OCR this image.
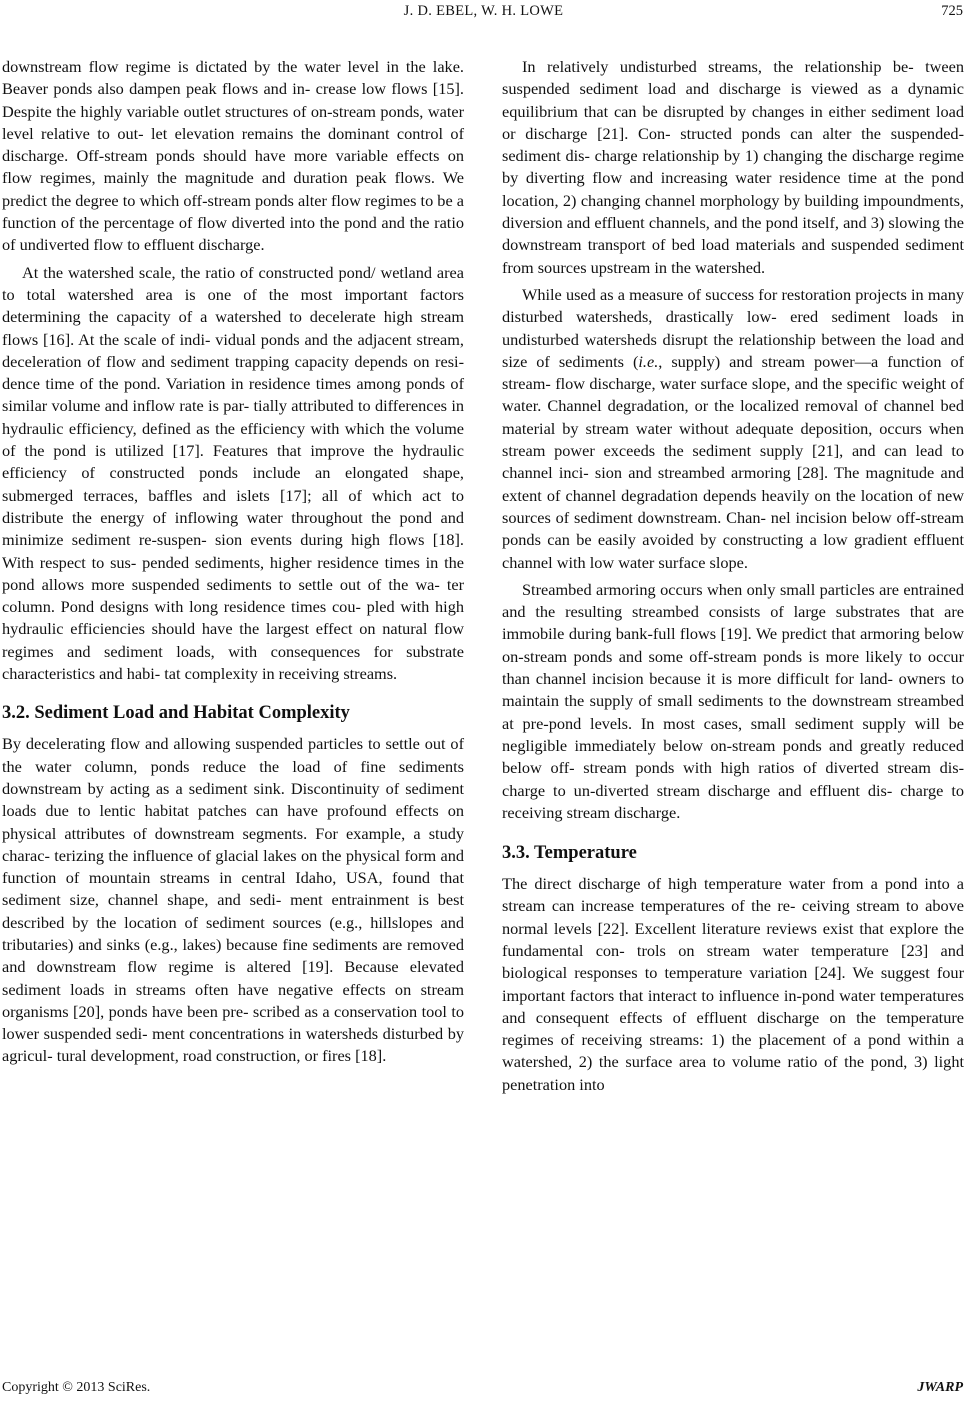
J. D. EBEL, W. H. LOWE	725

downstream flow regime is dictated by the water level in the lake. Beaver ponds also dampen peak flows and in- crease low flows [15]. Despite the highly variable outlet structures of on-stream ponds, water level relative to out- let elevation remains the dominant control of discharge. Off-stream ponds should have more variable effects on flow regimes, mainly the magnitude and duration peak flows. We predict the degree to which off-stream ponds alter flow regimes to be a function of the percentage of flow diverted into the pond and the ratio of undiverted flow to effluent discharge.

At the watershed scale, the ratio of constructed pond/ wetland area to total watershed area is one of the most important factors determining the capacity of a watershed to decelerate high stream flows [16]. At the scale of indi- vidual ponds and the adjacent stream, deceleration of flow and sediment trapping capacity depends on resi- dence time of the pond. Variation in residence times among ponds of similar volume and inflow rate is par- tially attributed to differences in hydraulic efficiency, defined as the efficiency with which the volume of the pond is utilized [17]. Features that improve the hydraulic efficiency of constructed ponds include an elongated shape, submerged terraces, baffles and islets [17]; all of which act to distribute the energy of inflowing water throughout the pond and minimize sediment re-suspen- sion events during high flows [18]. With respect to sus- pended sediments, higher residence times in the pond allows more suspended sediments to settle out of the wa- ter column. Pond designs with long residence times cou- pled with high hydraulic efficiencies should have the largest effect on natural flow regimes and sediment loads, with consequences for substrate characteristics and habi- tat complexity in receiving streams.

3.2. Sediment Load and Habitat Complexity

By decelerating flow and allowing suspended particles to settle out of the water column, ponds reduce the load of fine sediments downstream by acting as a sediment sink. Discontinuity of sediment loads due to lentic habitat patches can have profound effects on physical attributes of downstream segments. For example, a study charac- terizing the influence of glacial lakes on the physical form and function of mountain streams in central Idaho, USA, found that sediment size, channel shape, and sedi- ment entrainment is best described by the location of sediment sources (e.g., hillslopes and tributaries) and sinks (e.g., lakes) because fine sediments are removed and downstream flow regime is altered [19]. Because elevated sediment loads in streams often have negative effects on stream organisms [20], ponds have been pre- scribed as a conservation tool to lower suspended sedi- ment concentrations in watersheds disturbed by agricul- tural development, road construction, or fires [18].

In relatively undisturbed streams, the relationship be- tween suspended sediment load and discharge is viewed as a dynamic equilibrium that can be disrupted by changes in either sediment load or discharge [21]. Con- structed ponds can alter the suspended-sediment dis- charge relationship by 1) changing the discharge regime by diverting flow and increasing water residence time at the pond location, 2) changing channel morphology by building impoundments, diversion and effluent channels, and the pond itself, and 3) slowing the downstream transport of bed load materials and suspended sediment from sources upstream in the watershed.

While used as a measure of success for restoration projects in many disturbed watersheds, drastically low- ered sediment loads in undisturbed watersheds disrupt the relationship between the load and size of sediments (i.e., supply) and stream power—a function of stream- flow discharge, water surface slope, and the specific weight of water. Channel degradation, or the localized removal of channel bed material by stream water without adequate deposition, occurs when stream power exceeds the sediment supply [21], and can lead to channel inci- sion and streambed armoring [28]. The magnitude and extent of channel degradation depends heavily on the location of new sources of sediment downstream. Chan- nel incision below off-stream ponds can be easily avoided by constructing a low gradient effluent channel with low water surface slope.

Streambed armoring occurs when only small particles are entrained and the resulting streambed consists of large substrates that are immobile during bank-full flows [19]. We predict that armoring below on-stream ponds and some off-stream ponds is more likely to occur than channel incision because it is more difficult for land- owners to maintain the supply of small sediments to the downstream streambed at pre-pond levels. In most cases, small sediment supply will be negligible immediately below on-stream ponds and greatly reduced below off- stream ponds with high ratios of diverted stream dis- charge to un-diverted stream discharge and effluent dis- charge to receiving stream discharge.

3.3. Temperature

The direct discharge of high temperature water from a pond into a stream can increase temperatures of the re- ceiving stream to above normal levels [22]. Excellent literature reviews exist that explore the fundamental con- trols on stream water temperature [23] and biological responses to temperature variation [24]. We suggest four important factors that interact to influence in-pond water temperatures and consequent effects of effluent discharge on the temperature regimes of receiving streams: 1) the placement of a pond within a watershed, 2) the surface area to volume ratio of the pond, 3) light penetration into

Copyright © 2013 SciRes.	JWARP
